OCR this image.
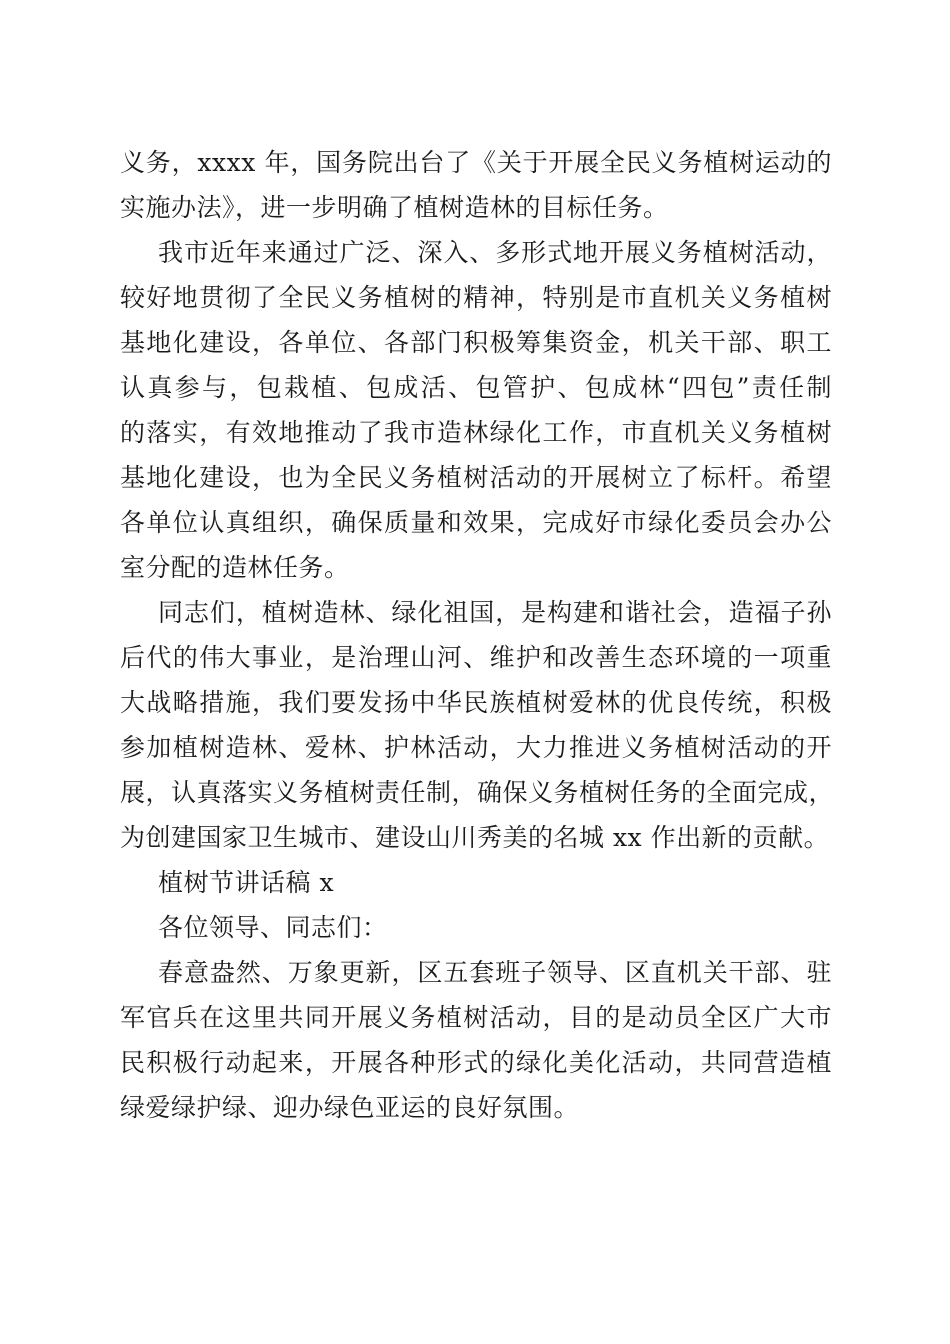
义务，xxxx 年，国务院出台了《关于开展全民义务植树运动的
实施办法》，进一步明确了植树造林的目标任务。
我市近年来通过广泛、深入、多形式地开展义务植树活动，
较好地贯彻了全民义务植树的精神，特别是市直机关义务植树
基地化建设，各单位、各部门积极筹集资金，机关干部、职工
认真参与，包栽植、包成活、包管护、包成林“四包”责任制
的落实，有效地推动了我市造林绿化工作，市直机关义务植树
基地化建设，也为全民义务植树活动的开展树立了标杆。希望
各单位认真组织，确保质量和效果，完成好市绿化委员会办公
室分配的造林任务。
同志们，植树造林、绿化祖国，是构建和谐社会，造福子孙
后代的伟大事业，是治理山河、维护和改善生态环境的一项重
大战略措施，我们要发扬中华民族植树爱林的优良传统，积极
参加植树造林、爱林、护林活动，大力推进义务植树活动的开
展，认真落实义务植树责任制，确保义务植树任务的全面完成，
为创建国家卫生城市、建设山川秀美的名城 xx 作出新的贡献。
植树节讲话稿 x
各位领导、同志们：
春意盎然、万象更新，区五套班子领导、区直机关干部、驻
军官兵在这里共同开展义务植树活动，目的是动员全区广大市
民积极行动起来，开展各种形式的绿化美化活动，共同营造植
绿爱绿护绿、迎办绿色亚运的良好氛围。
